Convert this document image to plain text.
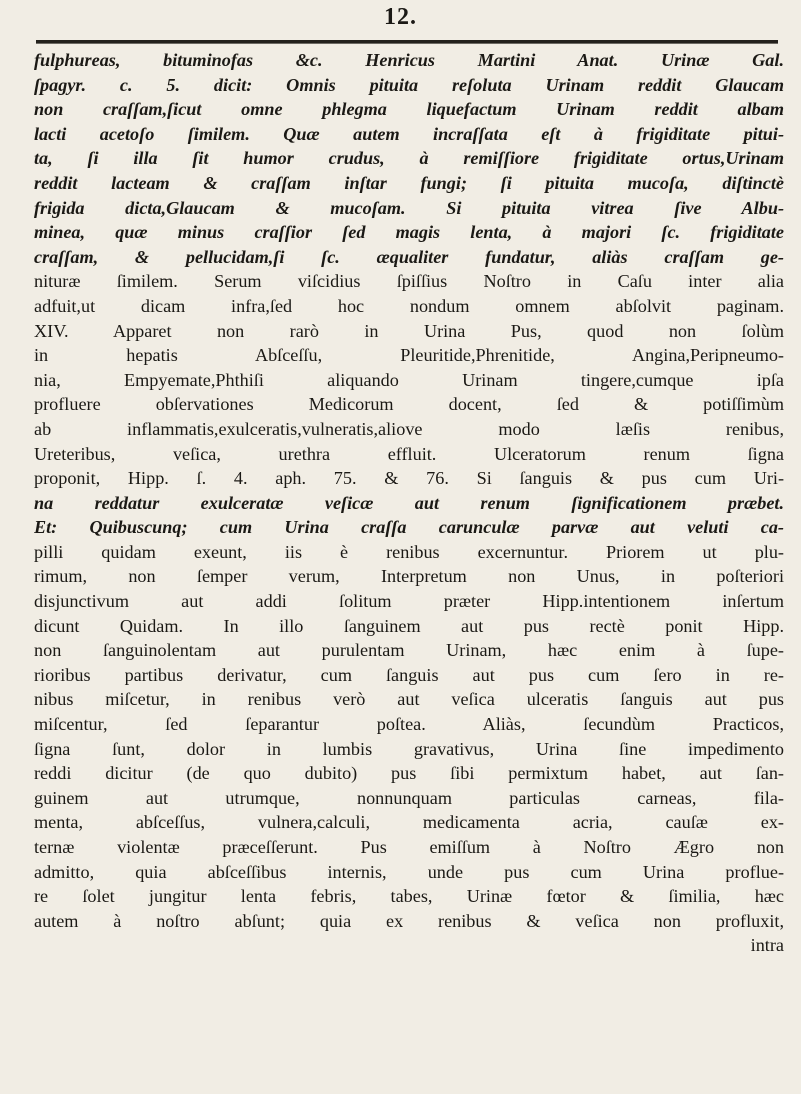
12.
fulphureas, bituminofas &c. Henricus Martini Anat. Urinæ Gal.
ſpagyr. c. 5. dicit: Omnis pituita reſoluta Urinam reddit Glaucam
non craſſam,ſicut omne phlegma liquefactum Urinam reddit albam
lacti acetoſo ſimilem. Quæ autem incraſſata eſt à frigiditate pitui-
ta, ſi illa ſit humor crudus, à remiſſiore frigiditate ortus,Urinam
reddit lacteam & craſſam inſtar fungi; ſi pituita mucoſa, diſtinctè
frigida dicta,Glaucam & mucoſam. Si pituita vitrea ſive Albu-
minea, quæ minus craſſior ſed magis lenta, à majori ſc. frigiditate
craſſam, & pellucidam,ſi ſc. æqualiter fundatur, aliàs craſſam ge-
nituræ ſimilem. Serum viſcidius ſpiſſius Noſtro in Caſu inter alia
adfuit,ut dicam infra,ſed hoc nondum omnem abſolvit paginam.
XIV. Apparet non rarò in Urina Pus, quod non ſolùm
in hepatis Abſceſſu, Pleuritide,Phrenitide, Angina,Peripneumo-
nia, Empyemate,Phthiſi aliquando Urinam tingere,cumque ipſa
profluere obſervationes Medicorum docent, ſed & potiſſimùm
ab inflammatis,exulceratis,vulneratis,aliove modo læſis renibus,
Ureteribus, veſica, urethra effluit. Ulceratorum renum ſigna
proponit, Hipp. ſ. 4. aph. 75. & 76. Si ſanguis & pus cum Uri-
na reddatur exulceratæ veſicæ aut renum ſignificationem præbet.
Et: Quibuscunq; cum Urina craſſa carunculæ parvæ aut veluti ca-
pilli quidam exeunt, iis è renibus excernuntur. Priorem ut plu-
rimum, non ſemper verum, Interpretum non Unus, in poſteriori
disjunctivum aut addi ſolitum præter Hipp.intentionem inſertum
dicunt Quidam. In illo ſanguinem aut pus rectè ponit Hipp.
non ſanguinolentam aut purulentam Urinam, hæc enim à ſupe-
rioribus partibus derivatur, cum ſanguis aut pus cum ſero in re-
nibus miſcetur, in renibus verò aut veſica ulceratis ſanguis aut pus
miſcentur, ſed ſeparantur poſtea. Aliàs, ſecundùm Practicos,
ſigna ſunt, dolor in lumbis gravativus, Urina ſine impedimento
reddi dicitur (de quo dubito) pus ſibi permixtum habet, aut ſan-
guinem aut utrumque, nonnunquam particulas carneas, fila-
menta, abſceſſus, vulnera,calculi, medicamenta acria, cauſæ ex-
ternæ violentæ præceſſerunt. Pus emiſſum à Noſtro Ægro non
admitto, quia abſceſſibus internis, unde pus cum Urina proflue-
re ſolet jungitur lenta febris, tabes, Urinæ fœtor & ſimilia, hæc
autem à noſtro abſunt; quia ex renibus & veſica non profluxit,
intra
